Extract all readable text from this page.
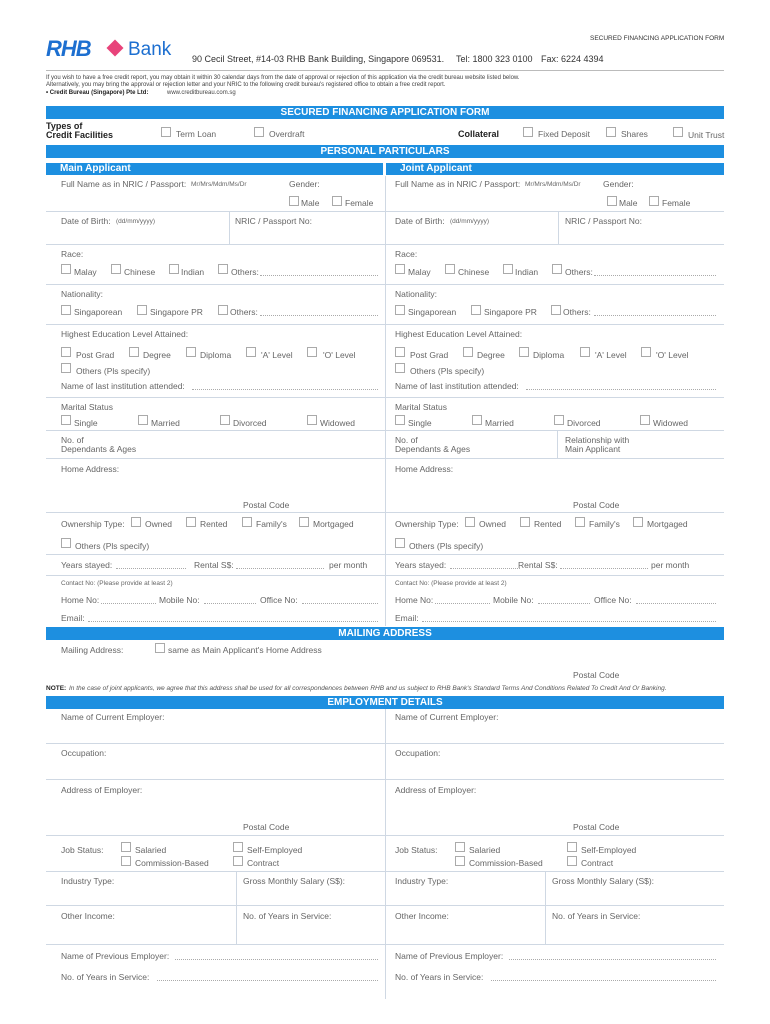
SECURED FINANCING APPLICATION FORM
RHB Bank 90 Cecil Street, #14-03 RHB Bank Building, Singapore 069531. Tel: 1800 323 0100 Fax: 6224 4394
If you wish to have a free credit report, you may obtain it within 30 calendar days from the date of approval or rejection of this application via the credit bureau website listed below.
Alternatively, you may bring the approval or rejection letter and your NRIC to the following credit bureau's registered office to obtain a free credit report.
• Credit Bureau (Singapore) Pte Ltd:	www.creditbureau.com.sg
SECURED FINANCING APPLICATION FORM
Types of
Credit Facilities	Term Loan	Overdraft	Collateral	Fixed Deposit	Shares	Unit Trust
PERSONAL PARTICULARS
Main Applicant	Joint Applicant
Full Name as in NRIC / Passport: Mr/Mrs/Mdm/Ms/Dr	Gender:
Male	Female
Date of Birth: (dd/mm/yyyy)	NRIC / Passport No:
Race:
Malay	Chinese	Indian	Others:
Nationality:
Singaporean	Singapore PR	Others:
Highest Education Level Attained:
Post Grad	Degree	Diploma	'A' Level	'O' Level
Others (Pls specify)
Name of last institution attended:
Marital Status
Single	Married	Divorced	Widowed
No. of
Dependants & Ages
Home Address:
Postal Code
Ownership Type: Owned	Rented	Family's	Mortgaged
Others (Pls specify)
Years stayed:	Rental S$:	per month
Contact No: (Please provide at least 2)
Home No:	Mobile No:	Office No:
Email:
Full Name as in NRIC / Passport: Mr/Mrs/Mdm/Ms/Dr	Gender:
Male	Female
Date of Birth: (dd/mm/yyyy)	NRIC / Passport No:
Race:
Malay	Chinese	Indian	Others:
Nationality:
Singaporean	Singapore PR	Others:
Highest Education Level Attained:
Post Grad	Degree	Diploma	'A' Level	'O' Level
Others (Pls specify)
Name of last institution attended:
Marital Status
Single	Married	Divorced	Widowed
No. of
Dependants & Ages
Relationship with
Main Applicant
Home Address:
Postal Code
Ownership Type: Owned	Rented	Family's	Mortgaged
Others (Pls specify)
Years stayed:	Rental S$:	per month
Contact No: (Please provide at least 2)
Home No:	Mobile No:	Office No:
Email:
MAILING ADDRESS
Mailing Address:	same as Main Applicant's Home Address
Postal Code
NOTE: In the case of joint applicants, we agree that this address shall be used for all correspondences between RHB and us subject to RHB Bank's Standard Terms And Conditions Related To Credit And Or Banking.
EMPLOYMENT DETAILS
Name of Current Employer:
Occupation:
Address of Employer:
Postal Code
Job Status:	Salaried	Self-Employed
Commission-Based	Contract
Industry Type:	Gross Monthly Salary (S$):
Other Income:	No. of Years in Service:
Name of Previous Employer:
No. of Years in Service:
Name of Current Employer:
Occupation:
Address of Employer:
Postal Code
Job Status:	Salaried	Self-Employed
Commission-Based	Contract
Industry Type:	Gross Monthly Salary (S$):
Other Income:	No. of Years in Service:
Name of Previous Employer:
No. of Years in Service:
